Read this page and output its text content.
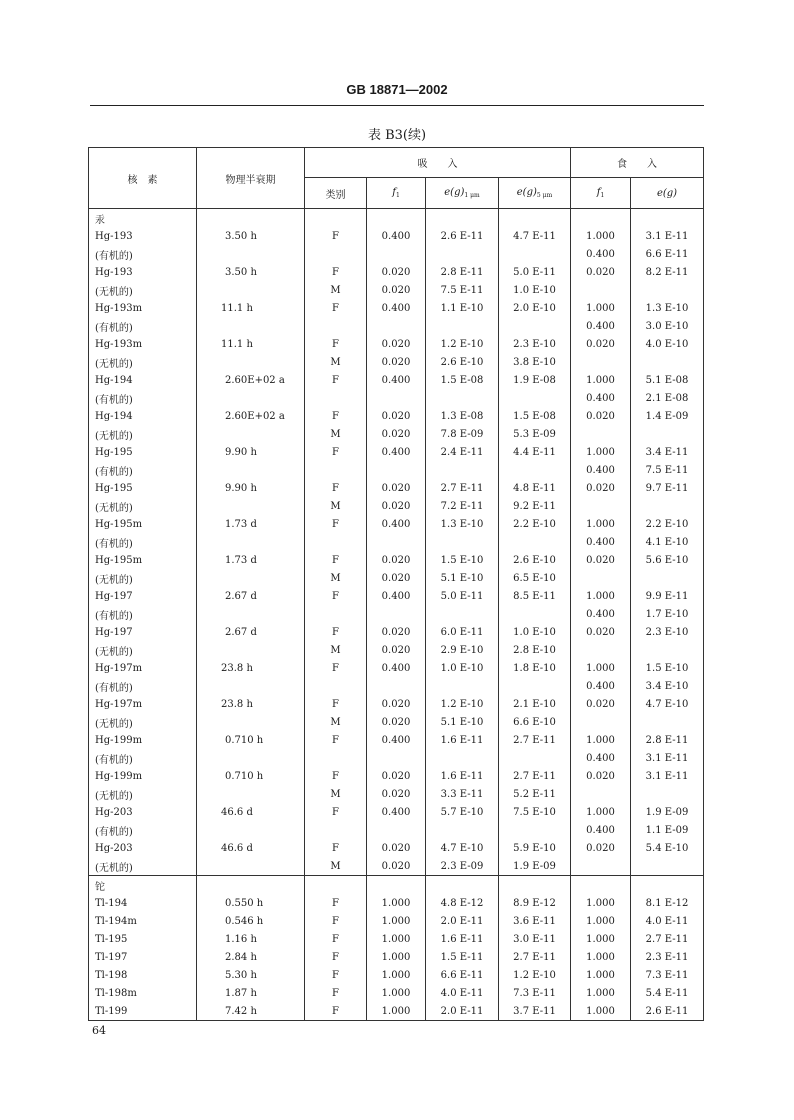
GB 18871—2002
表 B3(续)
核　素	物理半衰期	吸　　入				食　　入	
		类别	$f_1$	$e(g)_{1 \mu m}$	$e(g)_{5 \mu m}$	$f_1$	e(g)
汞							
Hg-193	3.50 h	F	0.400	2.6 E-11	4.7 E-11	1.000	3.1 E-11
(有机的)						0.400	6.6 E-11
Hg-193	3.50 h	F	0.020	2.8 E-11	5.0 E-11	0.020	8.2 E-11
(无机的)		M	0.020	7.5 E-11	1.0 E-10		
Hg-193m	11.1 h	F	0.400	1.1 E-10	2.0 E-10	1.000	1.3 E-10
(有机的)						0.400	3.0 E-10
Hg-193m	11.1 h	F	0.020	1.2 E-10	2.3 E-10	0.020	4.0 E-10
(无机的)		M	0.020	2.6 E-10	3.8 E-10		
Hg-194	2.60E+02 a	F	0.400	1.5 E-08	1.9 E-08	1.000	5.1 E-08
(有机的)						0.400	2.1 E-08
Hg-194	2.60E+02 a	F	0.020	1.3 E-08	1.5 E-08	0.020	1.4 E-09
(无机的)		M	0.020	7.8 E-09	5.3 E-09		
Hg-195	9.90 h	F	0.400	2.4 E-11	4.4 E-11	1.000	3.4 E-11
(有机的)						0.400	7.5 E-11
Hg-195	9.90 h	F	0.020	2.7 E-11	4.8 E-11	0.020	9.7 E-11
(无机的)		M	0.020	7.2 E-11	9.2 E-11		
Hg-195m	1.73 d	F	0.400	1.3 E-10	2.2 E-10	1.000	2.2 E-10
(有机的)						0.400	4.1 E-10
Hg-195m	1.73 d	F	0.020	1.5 E-10	2.6 E-10	0.020	5.6 E-10
(无机的)		M	0.020	5.1 E-10	6.5 E-10		
Hg-197	2.67 d	F	0.400	5.0 E-11	8.5 E-11	1.000	9.9 E-11
(有机的)						0.400	1.7 E-10
Hg-197	2.67 d	F	0.020	6.0 E-11	1.0 E-10	0.020	2.3 E-10
(无机的)		M	0.020	2.9 E-10	2.8 E-10		
Hg-197m	23.8 h	F	0.400	1.0 E-10	1.8 E-10	1.000	1.5 E-10
(有机的)						0.400	3.4 E-10
Hg-197m	23.8 h	F	0.020	1.2 E-10	2.1 E-10	0.020	4.7 E-10
(无机的)		M	0.020	5.1 E-10	6.6 E-10		
Hg-199m	0.710 h	F	0.400	1.6 E-11	2.7 E-11	1.000	2.8 E-11
(有机的)						0.400	3.1 E-11
Hg-199m	0.710 h	F	0.020	1.6 E-11	2.7 E-11	0.020	3.1 E-11
(无机的)		M	0.020	3.3 E-11	5.2 E-11		
Hg-203	46.6 d	F	0.400	5.7 E-10	7.5 E-10	1.000	1.9 E-09
(有机的)						0.400	1.1 E-09
Hg-203	46.6 d	F	0.020	4.7 E-10	5.9 E-10	0.020	5.4 E-10
(无机的)		M	0.020	2.3 E-09	1.9 E-09		
铊							
Tl-194	0.550 h	F	1.000	4.8 E-12	8.9 E-12	1.000	8.1 E-12
Tl-194m	0.546 h	F	1.000	2.0 E-11	3.6 E-11	1.000	4.0 E-11
Tl-195	1.16 h	F	1.000	1.6 E-11	3.0 E-11	1.000	2.7 E-11
Tl-197	2.84 h	F	1.000	1.5 E-11	2.7 E-11	1.000	2.3 E-11
Tl-198	5.30 h	F	1.000	6.6 E-11	1.2 E-10	1.000	7.3 E-11
Tl-198m	1.87 h	F	1.000	4.0 E-11	7.3 E-11	1.000	5.4 E-11
Tl-199	7.42 h	F	1.000	2.0 E-11	3.7 E-11	1.000	2.6 E-11
64
